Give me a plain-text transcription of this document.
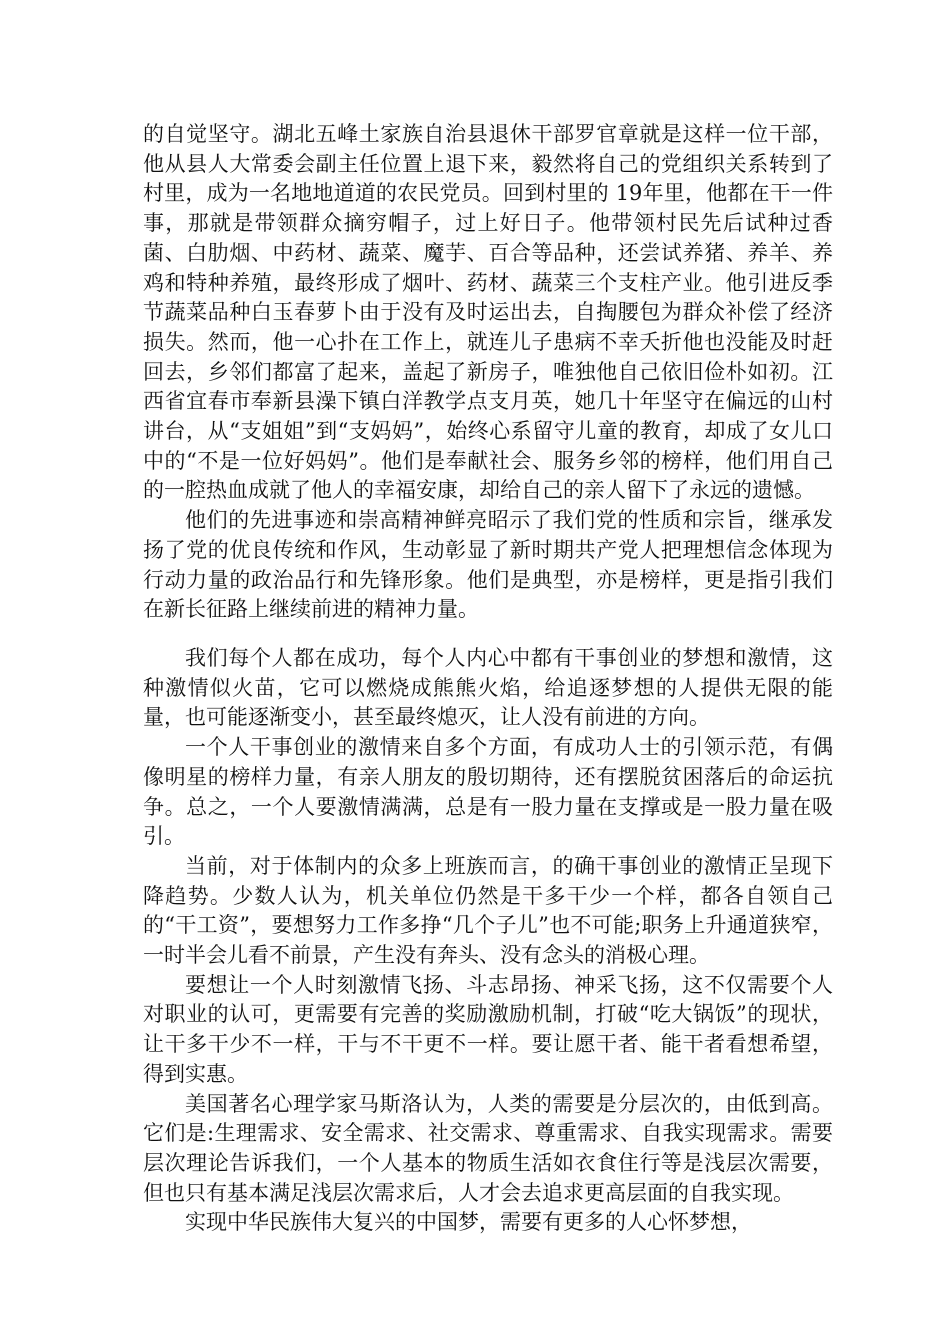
的自觉坚守。湖北五峰土家族自治县退休干部罗官章就是这样一位干部，他从县人大常委会副主任位置上退下来，毅然将自己的党组织关系转到了村里，成为一名地地道道的农民党员。回到村里的 19年里，他都在干一件事，那就是带领群众摘穷帽子，过上好日子。他带领村民先后试种过香菌、白肋烟、中药材、蔬菜、魔芋、百合等品种，还尝试养猪、养羊、养鸡和特种养殖，最终形成了烟叶、药材、蔬菜三个支柱产业。他引进反季节蔬菜品种白玉春萝卜由于没有及时运出去，自掏腰包为群众补偿了经济损失。然而，他一心扑在工作上，就连儿子患病不幸夭折他也没能及时赶回去，乡邻们都富了起来，盖起了新房子，唯独他自己依旧俭朴如初。江西省宜春市奉新县澡下镇白洋教学点支月英，她几十年坚守在偏远的山村讲台，从“支姐姐”到“支妈妈”，始终心系留守儿童的教育，却成了女儿口中的“不是一位好妈妈”。他们是奉献社会、服务乡邻的榜样，他们用自己的一腔热血成就了他人的幸福安康，却给自己的亲人留下了永远的遗憾。

他们的先进事迹和崇高精神鲜亮昭示了我们党的性质和宗旨，继承发扬了党的优良传统和作风，生动彰显了新时期共产党人把理想信念体现为行动力量的政治品行和先锋形象。他们是典型，亦是榜样，更是指引我们在新长征路上继续前进的精神力量。

我们每个人都在成功，每个人内心中都有干事创业的梦想和激情，这种激情似火苗，它可以燃烧成熊熊火焰，给追逐梦想的人提供无限的能量，也可能逐渐变小，甚至最终熄灭，让人没有前进的方向。

一个人干事创业的激情来自多个方面，有成功人士的引领示范，有偶像明星的榜样力量，有亲人朋友的殷切期待，还有摆脱贫困落后的命运抗争。总之，一个人要激情满满，总是有一股力量在支撑或是一股力量在吸引。

当前，对于体制内的众多上班族而言，的确干事创业的激情正呈现下降趋势。少数人认为，机关单位仍然是干多干少一个样，都各自领自己的“干工资”，要想努力工作多挣“几个子儿”也不可能;职务上升通道狭窄，一时半会儿看不前景，产生没有奔头、没有念头的消极心理。

要想让一个人时刻激情飞扬、斗志昂扬、神采飞扬，这不仅需要个人对职业的认可，更需要有完善的奖励激励机制，打破“吃大锅饭”的现状，让干多干少不一样，干与不干更不一样。要让愿干者、能干者看想希望，得到实惠。

美国著名心理学家马斯洛认为，人类的需要是分层次的，由低到高。它们是:生理需求、安全需求、社交需求、尊重需求、自我实现需求。需要层次理论告诉我们，一个人基本的物质生活如衣食住行等是浅层次需要，但也只有基本满足浅层次需求后，人才会去追求更高层面的自我实现。

实现中华民族伟大复兴的中国梦，需要有更多的人心怀梦想，
